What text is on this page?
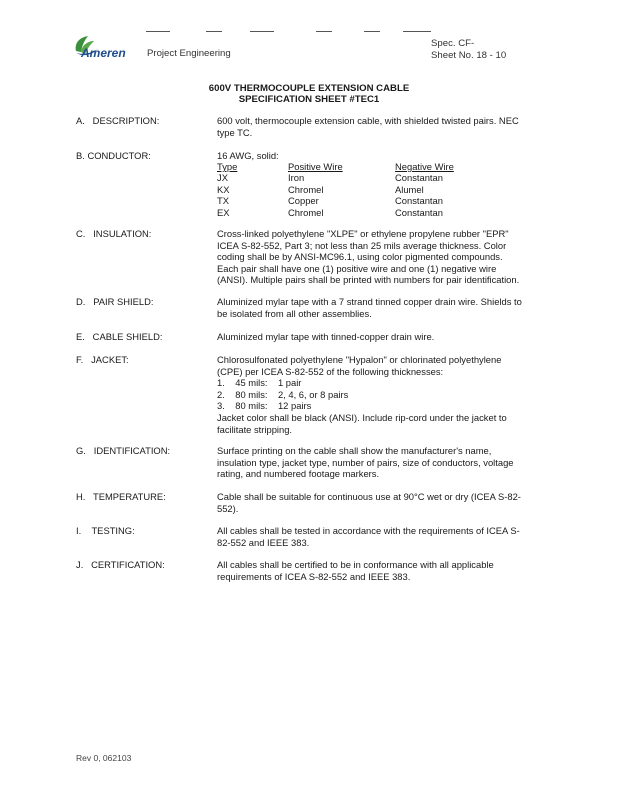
Ameren Project Engineering
Spec. CF-
Sheet No. 18 - 10
600V THERMOCOUPLE EXTENSION CABLE
SPECIFICATION SHEET #TEC1
A.   DESCRIPTION:	600 volt, thermocouple extension cable, with shielded twisted pairs. NEC
type TC.
B. CONDUCTOR:	16 AWG, solid:
Type	Positive Wire	Negative Wire
JX	Iron	Constantan
KX	Chromel	Alumel
TX	Copper	Constantan
EX	Chromel	Constantan
C.   INSULATION:	Cross-linked polyethylene "XLPE" or ethylene propylene rubber "EPR"
ICEA S-82-552, Part 3; not less than 25 mils average thickness. Color
coding shall be by ANSI-MC96.1, using color pigmented compounds.
Each pair shall have one (1) positive wire and one (1) negative wire
(ANSI). Multiple pairs shall be printed with numbers for pair identification.
D.   PAIR SHIELD:	Aluminized mylar tape with a 7 strand tinned copper drain wire. Shields to
be isolated from all other assemblies.
E.   CABLE SHIELD:	Aluminized mylar tape with tinned-copper drain wire.
F.   JACKET:	Chlorosulfonated polyethylene "Hypalon" or chlorinated polyethylene
(CPE) per ICEA S-82-552 of the following thicknesses:
1.    45 mils:    1 pair
2.    80 mils:    2, 4, 6, or 8 pairs
3.    80 mils:    12 pairs
Jacket color shall be black (ANSI). Include rip-cord under the jacket to
facilitate stripping.
G.   IDENTIFICATION:	Surface printing on the cable shall show the manufacturer's name,
insulation type, jacket type, number of pairs, size of conductors, voltage
rating, and numbered footage markers.
H.   TEMPERATURE:	Cable shall be suitable for continuous use at 90°C wet or dry (ICEA S-82-
552).
I.    TESTING:	All cables shall be tested in accordance with the requirements of ICEA S-
82-552 and IEEE 383.
J.   CERTIFICATION:	All cables shall be certified to be in conformance with all applicable
requirements of ICEA S-82-552 and IEEE 383.
Rev 0, 062103
